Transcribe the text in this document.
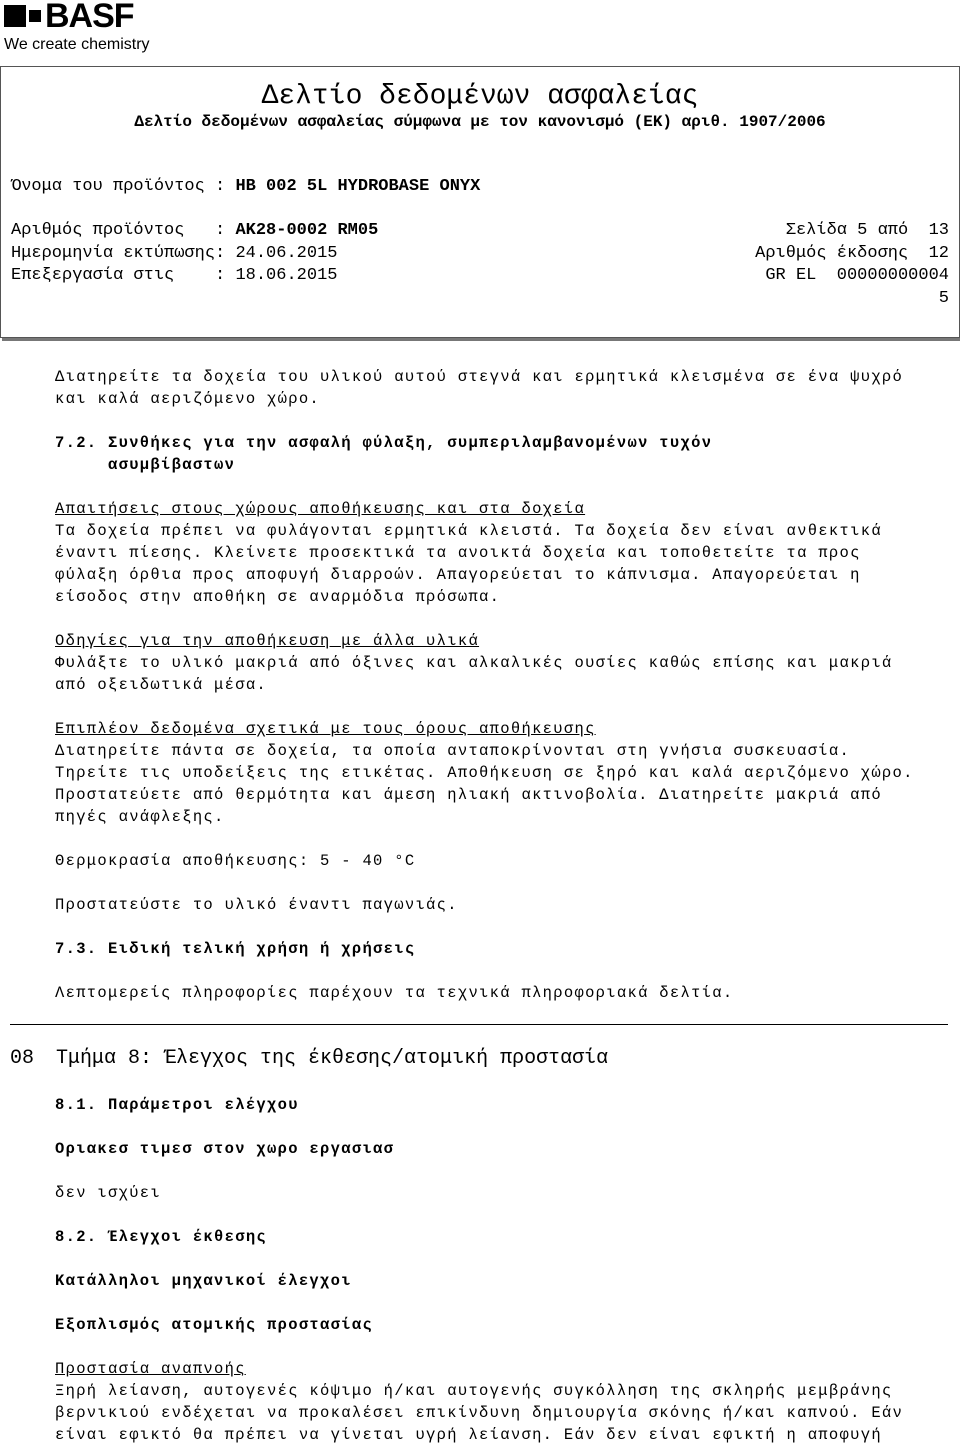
BASF
We create chemistry
Δελτίο δεδομένων ασφαλείας
Δελτίο δεδομένων ασφαλείας σύμφωνα με τον κανονισμό (ΕΚ) αριθ. 1907/2006
Όνομα του προϊόντος : HB 002 5L HYDROBASE ONYX
Αριθμός προϊόντος   : AK28-0002 RM05
Ημερομηνία εκτύπωσης: 24.06.2015
Επεξεργασία στις    : 18.06.2015
Σελίδα 5 από  13
Αριθμός έκδοσης  12
GR EL  00000000004
5
Διατηρείτε τα δοχεία του υλικού αυτού στεγνά και ερμητικά κλεισμένα σε ένα ψυχρό
και καλά αεριζόμενο χώρο.
7.2. Συνθήκες για την ασφαλή φύλαξη, συμπεριλαμβανομένων τυχόν
ασυμβίβαστων
Απαιτήσεις στους χώρους αποθήκευσης και στα δοχεία
Τα δοχεία πρέπει να φυλάγονται ερμητικά κλειστά. Τα δοχεία δεν είναι ανθεκτικά
έναντι πίεσης. Κλείνετε προσεκτικά τα ανοικτά δοχεία και τοποθετείτε τα προς
φύλαξη όρθια προς αποφυγή διαρροών. Απαγορεύεται το κάπνισμα. Απαγορεύεται η
είσοδος στην αποθήκη σε αναρμόδια πρόσωπα.
Οδηγίες για την αποθήκευση με άλλα υλικά
Φυλάξτε το υλικό μακριά από όξινες και αλκαλικές ουσίες καθώς επίσης και μακριά
από οξειδωτικά μέσα.
Επιπλέον δεδομένα σχετικά με τους όρους αποθήκευσης
Διατηρείτε πάντα σε δοχεία, τα οποία ανταποκρίνονται στη γνήσια συσκευασία.
Τηρείτε τις υποδείξεις της ετικέτας. Αποθήκευση σε ξηρό και καλά αεριζόμενο χώρο.
Προστατεύετε από θερμότητα και άμεση ηλιακή ακτινοβολία. Διατηρείτε μακριά από
πηγές ανάφλεξης.
Θερμοκρασία αποθήκευσης: 5 - 40 °C
Προστατεύστε το υλικό έναντι παγωνιάς.
7.3. Ειδική τελική χρήση ή χρήσεις
Λεπτομερείς πληροφορίες παρέχουν τα τεχνικά πληροφοριακά δελτία.
08 Τμήμα 8: Έλεγχος της έκθεσης/ατομική προστασία
8.1. Παράμετροι ελέγχου
Οριακεσ τιμεσ στον χωρο εργασιασ
δεν ισχύει
8.2. Έλεγχοι έκθεσης
Κατάλληλοι μηχανικοί έλεγχοι
Εξοπλισμός ατομικής προστασίας
Προστασία αναπνοής
Ξηρή λείανση, αυτογενές κόψιμο ή/και αυτογενής συγκόλληση της σκληρής μεμβράνης
βερνικιού ενδέχεται να προκαλέσει επικίνδυνη δημιουργία σκόνης ή/και καπνού. Εάν
είναι εφικτό θα πρέπει να γίνεται υγρή λείανση. Εάν δεν είναι εφικτή η αποφυγή
